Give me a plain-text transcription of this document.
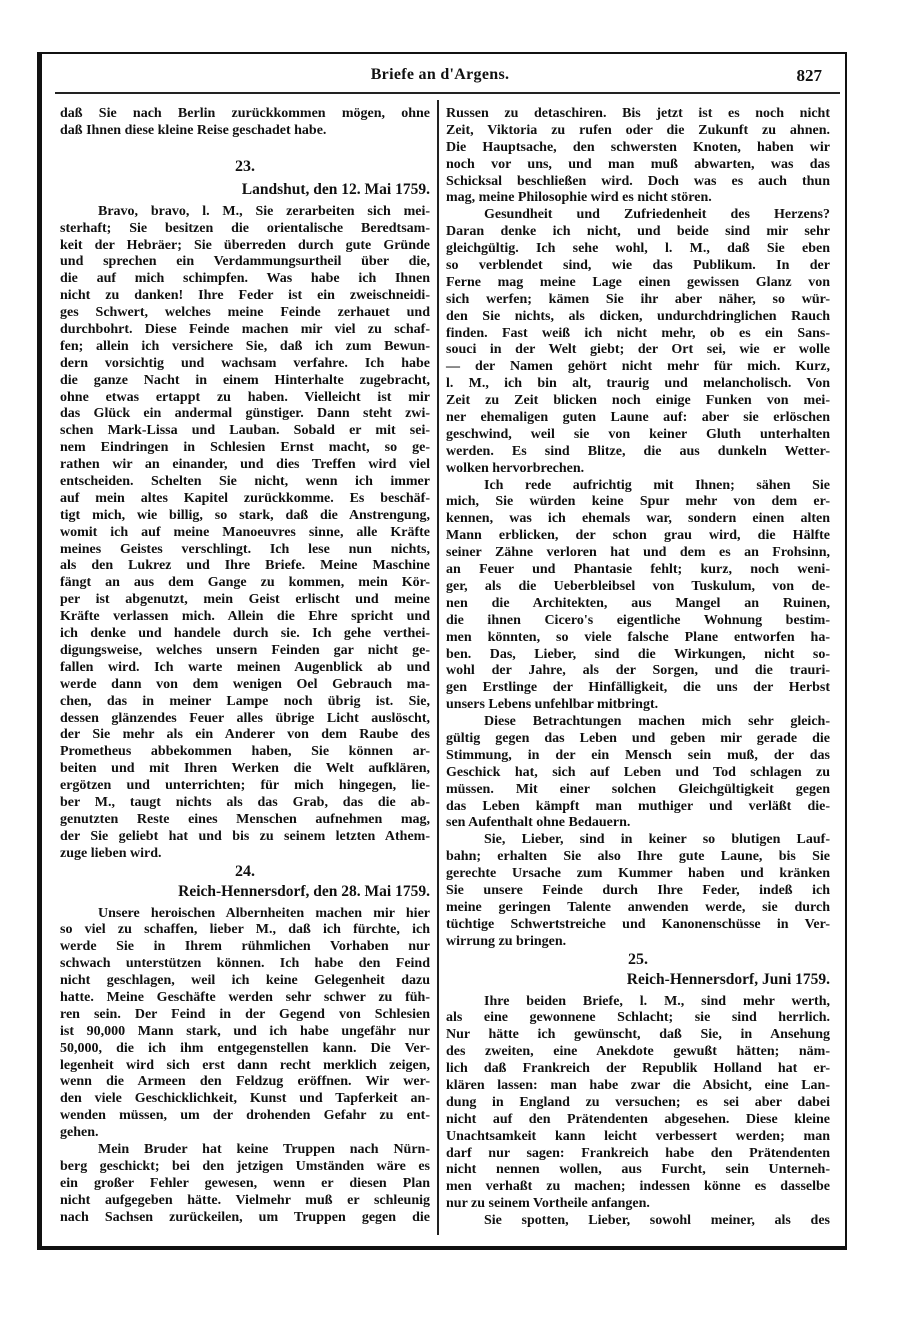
Briefe an d'Argens.	827
daß Sie nach Berlin zurückkommen mögen, ohne
daß Ihnen diese kleine Reise geschadet habe.
23.
Landshut, den 12. Mai 1759.
Bravo, bravo, l. M., Sie zerarbeiten sich mei-
sterhaft; Sie besitzen die orientalische Beredtsam-
keit der Hebräer; Sie überreden durch gute Gründe
und sprechen ein Verdammungsurtheil über die,
die auf mich schimpfen. Was habe ich Ihnen
nicht zu danken! Ihre Feder ist ein zweischneidi-
ges Schwert, welches meine Feinde zerhauet und
durchbohrt. Diese Feinde machen mir viel zu schaf-
fen; allein ich versichere Sie, daß ich zum Bewun-
dern vorsichtig und wachsam verfahre. Ich habe
die ganze Nacht in einem Hinterhalte zugebracht,
ohne etwas ertappt zu haben. Vielleicht ist mir
das Glück ein andermal günstiger. Dann steht zwi-
schen Mark-Lissa und Lauban. Sobald er mit sei-
nem Eindringen in Schlesien Ernst macht, so ge-
rathen wir an einander, und dies Treffen wird viel
entscheiden. Schelten Sie nicht, wenn ich immer
auf mein altes Kapitel zurückkomme. Es beschäf-
tigt mich, wie billig, so stark, daß die Anstrengung,
womit ich auf meine Manoeuvres sinne, alle Kräfte
meines Geistes verschlingt. Ich lese nun nichts,
als den Lukrez und Ihre Briefe. Meine Maschine
fängt an aus dem Gange zu kommen, mein Kör-
per ist abgenutzt, mein Geist erlischt und meine
Kräfte verlassen mich. Allein die Ehre spricht und
ich denke und handele durch sie. Ich gehe verthei-
digungsweise, welches unsern Feinden gar nicht ge-
fallen wird. Ich warte meinen Augenblick ab und
werde dann von dem wenigen Oel Gebrauch ma-
chen, das in meiner Lampe noch übrig ist. Sie,
dessen glänzendes Feuer alles übrige Licht auslöscht,
der Sie mehr als ein Anderer von dem Raube des
Prometheus abbekommen haben, Sie können ar-
beiten und mit Ihren Werken die Welt aufklären,
ergötzen und unterrichten; für mich hingegen, lie-
ber M., taugt nichts als das Grab, das die ab-
genutzten Reste eines Menschen aufnehmen mag,
der Sie geliebt hat und bis zu seinem letzten Athem-
zuge lieben wird.
24.
Reich-Hennersdorf, den 28. Mai 1759.
Unsere heroischen Albernheiten machen mir hier
so viel zu schaffen, lieber M., daß ich fürchte, ich
werde Sie in Ihrem rühmlichen Vorhaben nur
schwach unterstützen können. Ich habe den Feind
nicht geschlagen, weil ich keine Gelegenheit dazu
hatte. Meine Geschäfte werden sehr schwer zu füh-
ren sein. Der Feind in der Gegend von Schlesien
ist 90,000 Mann stark, und ich habe ungefähr nur
50,000, die ich ihm entgegenstellen kann. Die Ver-
legenheit wird sich erst dann recht merklich zeigen,
wenn die Armeen den Feldzug eröffnen. Wir wer-
den viele Geschicklichkeit, Kunst und Tapferkeit an-
wenden müssen, um der drohenden Gefahr zu ent-
gehen.
Mein Bruder hat keine Truppen nach Nürn-
berg geschickt; bei den jetzigen Umständen wäre es
ein großer Fehler gewesen, wenn er diesen Plan
nicht aufgegeben hätte. Vielmehr muß er schleunig
nach Sachsen zurückeilen, um Truppen gegen die
Russen zu detaschiren. Bis jetzt ist es noch nicht
Zeit, Viktoria zu rufen oder die Zukunft zu ahnen.
Die Hauptsache, den schwersten Knoten, haben wir
noch vor uns, und man muß abwarten, was das
Schicksal beschließen wird. Doch was es auch thun
mag, meine Philosophie wird es nicht stören.
Gesundheit und Zufriedenheit des Herzens?
Daran denke ich nicht, und beide sind mir sehr
gleichgültig. Ich sehe wohl, l. M., daß Sie eben
so verblendet sind, wie das Publikum. In der
Ferne mag meine Lage einen gewissen Glanz von
sich werfen; kämen Sie ihr aber näher, so wür-
den Sie nichts, als dicken, undurchdringlichen Rauch
finden. Fast weiß ich nicht mehr, ob es ein Sans-
souci in der Welt giebt; der Ort sei, wie er wolle
— der Namen gehört nicht mehr für mich. Kurz,
l. M., ich bin alt, traurig und melancholisch. Von
Zeit zu Zeit blicken noch einige Funken von mei-
ner ehemaligen guten Laune auf: aber sie erlöschen
geschwind, weil sie von keiner Gluth unterhalten
werden. Es sind Blitze, die aus dunkeln Wetter-
wolken hervorbrechen.
Ich rede aufrichtig mit Ihnen; sähen Sie
mich, Sie würden keine Spur mehr von dem er-
kennen, was ich ehemals war, sondern einen alten
Mann erblicken, der schon grau wird, die Hälfte
seiner Zähne verloren hat und dem es an Frohsinn,
an Feuer und Phantasie fehlt; kurz, noch weni-
ger, als die Ueberbleibsel von Tuskulum, von de-
nen die Architekten, aus Mangel an Ruinen,
die ihnen Cicero's eigentliche Wohnung bestim-
men könnten, so viele falsche Plane entworfen ha-
ben. Das, Lieber, sind die Wirkungen, nicht so-
wohl der Jahre, als der Sorgen, und die trauri-
gen Erstlinge der Hinfälligkeit, die uns der Herbst
unsers Lebens unfehlbar mitbringt.
Diese Betrachtungen machen mich sehr gleich-
gültig gegen das Leben und geben mir gerade die
Stimmung, in der ein Mensch sein muß, der das
Geschick hat, sich auf Leben und Tod schlagen zu
müssen. Mit einer solchen Gleichgültigkeit gegen
das Leben kämpft man muthiger und verläßt die-
sen Aufenthalt ohne Bedauern.
Sie, Lieber, sind in keiner so blutigen Lauf-
bahn; erhalten Sie also Ihre gute Laune, bis Sie
gerechte Ursache zum Kummer haben und kränken
Sie unsere Feinde durch Ihre Feder, indeß ich
meine geringen Talente anwenden werde, sie durch
tüchtige Schwertstreiche und Kanonenschüsse in Ver-
wirrung zu bringen.
25.
Reich-Hennersdorf, Juni 1759.
Ihre beiden Briefe, l. M., sind mehr werth,
als eine gewonnene Schlacht; sie sind herrlich.
Nur hätte ich gewünscht, daß Sie, in Ansehung
des zweiten, eine Anekdote gewußt hätten; näm-
lich daß Frankreich der Republik Holland hat er-
klären lassen: man habe zwar die Absicht, eine Lan-
dung in England zu versuchen; es sei aber dabei
nicht auf den Prätendenten abgesehen. Diese kleine
Unachtsamkeit kann leicht verbessert werden; man
darf nur sagen: Frankreich habe den Prätendenten
nicht nennen wollen, aus Furcht, sein Unterneh-
men verhaßt zu machen; indessen könne es dasselbe
nur zu seinem Vortheile anfangen.
Sie spotten, Lieber, sowohl meiner, als des
